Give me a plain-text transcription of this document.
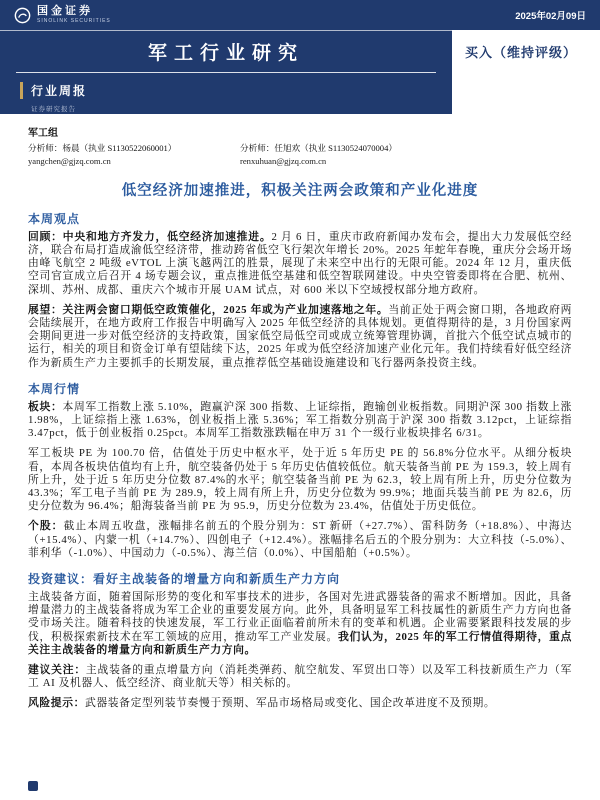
国金证券
SINOLINK SECURITIES	2025年02月09日
军工行业研究
行业周报
证券研究报告
买入（维持评级）
军工组
分析师：杨晨（执业 S1130522060001）
yangchen@gjzq.com.cn
分析师：任旭欢（执业 S1130524070004）
renxuhuan@gjzq.com.cn
低空经济加速推进，积极关注两会政策和产业化进度
本周观点

回顾：中央和地方齐发力，低空经济加速推进。2 月 6 日，重庆市政府新闻办发布会，提出大力发展低空经济，联合布局打造成渝低空经济带，推动跨省低空飞行架次年增长 20%。2025 年蛇年春晚，重庆分会场开场由峰飞航空 2 吨级 eVTOL 上演飞越两江的胜景，展现了未来空中出行的无限可能。2024 年 12 月，重庆低空司官宣成立后召开 4 场专题会议，重点推进低空基建和低空智联网建设。中央空管委即将在合肥、杭州、深圳、苏州、成都、重庆六个城市开展 UAM 试点，对 600 米以下空域授权部分地方政府。

展望：关注两会窗口期低空政策催化，2025 年或为产业加速落地之年。当前正处于两会窗口期，各地政府两会陆续展开，在地方政府工作报告中明确写入 2025 年低空经济的具体规划。更值得期待的是，3 月份国家两会期间更进一步对低空经济的支持政策，国家低空局低空司或成立统筹管理协调，首批六个低空试点城市的运行，相关的项目和资金订单有望陆续下达，2025 年或为低空经济加速产业化元年。我们持续看好低空经济作为新质生产力主要抓手的长期发展，重点推荐低空基础设施建设和飞行器两条投资主线。

本周行情

板块：本周军工指数上涨 5.10%，跑赢沪深 300 指数、上证综指，跑输创业板指数。同期沪深 300 指数上涨 1.98%，上证综指上涨 1.63%，创业板指上涨 5.36%；军工指数分别高于沪深 300 指数 3.12pct，上证综指 3.47pct，低于创业板指 0.25pct。本周军工指数涨跌幅在申万 31 个一级行业板块排名 6/31。

军工板块 PE 为 100.70 倍，估值处于历史中枢水平，处于近 5 年历史 PE 的 56.8%分位水平。从细分板块看，本周各板块估值均有上升，航空装备仍处于 5 年历史估值较低位。航天装备当前 PE 为 159.3，较上周有所上升，处于近 5 年历史分位数 87.4%的水平；航空装备当前 PE 为 62.3，较上周有所上升，历史分位数为 43.3%；军工电子当前 PE 为 289.9，较上周有所上升，历史分位数为 99.9%；地面兵装当前 PE 为 82.6，历史分位数为 96.4%；船海装备当前 PE 为 95.9，历史分位数为 23.4%，估值处于历史低位。

个股：截止本周五收盘，涨幅排名前五的个股分别为：ST 新研（+27.7%）、雷科防务（+18.8%）、中海达（+15.4%）、内蒙一机（+14.7%）、四创电子（+12.4%）。涨幅排名后五的个股分别为：大立科技（-5.0%）、菲利华（-1.0%）、中国动力（-0.5%）、海兰信（0.0%）、中国船舶（+0.5%）。

投资建议：看好主战装备的增量方向和新质生产力方向

主战装备方面，随着国际形势的变化和军事技术的进步，各国对先进武器装备的需求不断增加。因此，具备增量潜力的主战装备将成为军工企业的重要发展方向。此外，具备明显军工科技属性的新质生产力方向也备受市场关注。随着科技的快速发展，军工行业正面临着前所未有的变革和机遇。企业需要紧跟科技发展的步伐，积极探索新技术在军工领域的应用，推动军工产业发展。我们认为，2025 年的军工行情值得期待，重点关注主战装备的增量方向和新质生产力方向。

建议关注：主战装备的重点增量方向（消耗类弹药、航空航发、军贸出口等）以及军工科技新质生产力（军工 AI 及机器人、低空经济、商业航天等）相关标的。

风险提示：武器装备定型列装节奏慢于预期、军品市场格局或变化、国企改革进度不及预期。
